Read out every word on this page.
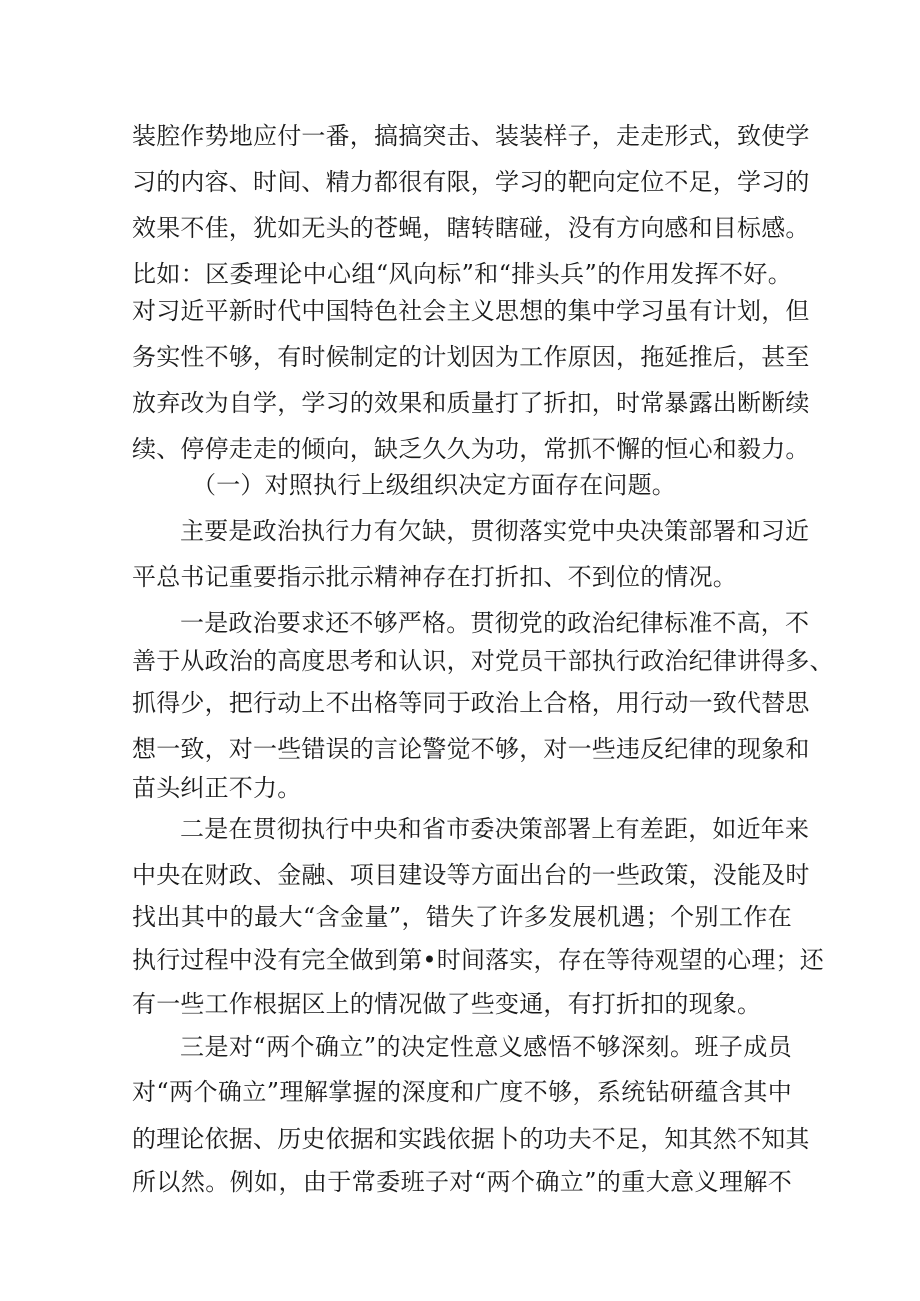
装腔作势地应付一番，搞搞突击、装装样子，走走形式，致使学
习的内容、时间、精力都很有限，学习的靶向定位不足，学习的
效果不佳，犹如无头的苍蝇，瞎转瞎碰，没有方向感和目标感。
比如：区委理论中心组“风向标”和“排头兵”的作用发挥不好。
对习近平新时代中国特色社会主义思想的集中学习虽有计划，但
务实性不够，有时候制定的计划因为工作原因，拖延推后，甚至
放弃改为自学，学习的效果和质量打了折扣，时常暴露出断断续
续、停停走走的倾向，缺乏久久为功，常抓不懈的恒心和毅力。
（一）对照执行上级组织决定方面存在问题。
主要是政治执行力有欠缺，贯彻落实党中央决策部署和习近
平总书记重要指示批示精神存在打折扣、不到位的情况。
一是政治要求还不够严格。贯彻党的政治纪律标准不高，不
善于从政治的高度思考和认识，对党员干部执行政治纪律讲得多、
抓得少，把行动上不出格等同于政治上合格，用行动一致代替思
想一致，对一些错误的言论警觉不够，对一些违反纪律的现象和
苗头纠正不力。
二是在贯彻执行中央和省市委决策部署上有差距，如近年来
中央在财政、金融、项目建设等方面出台的一些政策，没能及时
找出其中的最大“含金量”，错失了许多发展机遇；个别工作在
执行过程中没有完全做到第•时间落实，存在等待观望的心理；还
有一些工作根据区上的情况做了些变通，有打折扣的现象。
三是对“两个确立”的决定性意义感悟不够深刻。班子成员
对“两个确立”理解掌握的深度和广度不够，系统钻研蕴含其中
的理论依据、历史依据和实践依据卜的功夫不足，知其然不知其
所以然。例如，由于常委班子对“两个确立”的重大意义理解不
